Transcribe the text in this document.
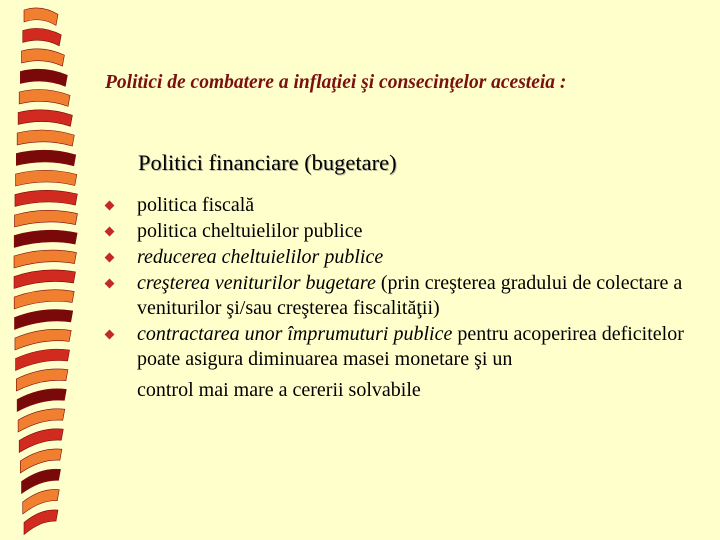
Politici de combatere a inflaţiei şi consecinţelor acesteia :
Politici financiare (bugetare)
politica fiscală
politica cheltuielilor publice
reducerea cheltuielilor publice
creşterea veniturilor bugetare (prin creşterea gradului de colectare a veniturilor şi/sau creşterea fiscalităţii)
contractarea unor împrumuturi publice pentru acoperirea deficitelor poate asigura diminuarea masei monetare şi un
control mai mare a cererii solvabile
